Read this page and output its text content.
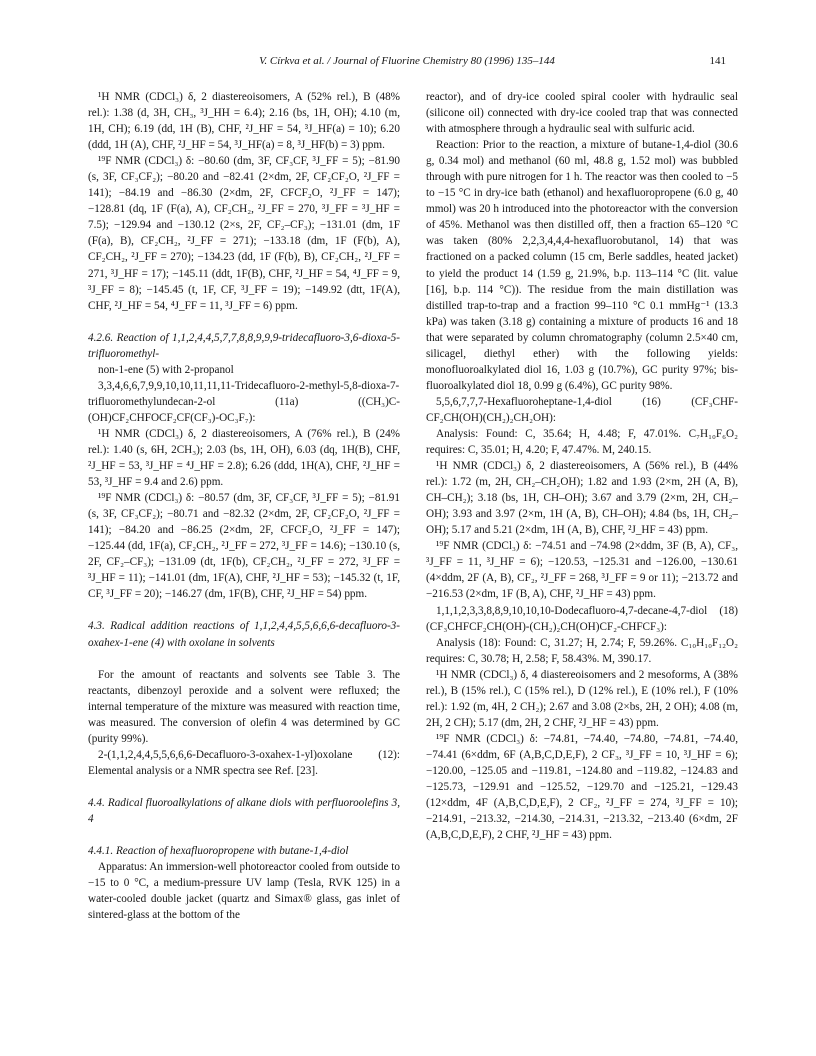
V. Církva et al. / Journal of Fluorine Chemistry 80 (1996) 135–144	141

¹H NMR (CDCl₃) δ, 2 diastereoisomers, A (52% rel.), B (48% rel.): 1.38 (d, 3H, CH₃, ³J_HH = 6.4); 2.16 (bs, 1H, OH); 4.10 (m, 1H, CH); 6.19 (dd, 1H (B), CHF, ²J_HF = 54, ³J_HF(a) = 10); 6.20 (ddd, 1H (A), CHF, ²J_HF = 54, ³J_HF(a) = 8, ³J_HF(b) = 3) ppm.

¹⁹F NMR (CDCl₃) δ: −80.60 (dm, 3F, CF₃CF, ³J_FF = 5); −81.90 (s, 3F, CF₃CF₂); −80.20 and −82.41 (2×dm, 2F, CF₂CF₂O, ²J_FF = 141); −84.19 and −86.30 (2×dm, 2F, CFCF₂O, ²J_FF = 147); −128.81 (dq, 1F (F(a), A), CF₂CH₂, ²J_FF = 270, ³J_FF = ³J_HF = 7.5); −129.94 and −130.12 (2×s, 2F, CF₂–CF₃); −131.01 (dm, 1F (F(a), B), CF₂CH₂, ²J_FF = 271); −133.18 (dm, 1F (F(b), A), CF₂CH₂, ²J_FF = 270); −134.23 (dd, 1F (F(b), B), CF₂CH₂, ²J_FF = 271, ³J_HF = 17); −145.11 (ddt, 1F(B), CHF, ²J_HF = 54, ⁴J_FF = 9, ³J_FF = 8); −145.45 (t, 1F, CF, ³J_FF = 19); −149.92 (dtt, 1F(A), CHF, ²J_HF = 54, ⁴J_FF = 11, ³J_FF = 6) ppm.

4.2.6. Reaction of 1,1,2,4,4,5,7,7,8,8,9,9,9-tridecafluoro-3,6-dioxa-5-trifluoromethyl-

non-1-ene (5) with 2-propanol

3,3,4,6,6,7,9,9,10,10,11,11,11-Tridecafluoro-2-methyl-5,8-dioxa-7-trifluoromethylundecan-2-ol (11a) ((CH₃)C-(OH)CF₂CHFOCF₂CF(CF₃)-OC₃F₇):

¹H NMR (CDCl₃) δ, 2 diastereoisomers, A (76% rel.), B (24% rel.): 1.40 (s, 6H, 2CH₃); 2.03 (bs, 1H, OH), 6.03 (dq, 1H(B), CHF, ²J_HF = 53, ³J_HF = ⁴J_HF = 2.8); 6.26 (ddd, 1H(A), CHF, ²J_HF = 53, ³J_HF = 9.4 and 2.6) ppm.

¹⁹F NMR (CDCl₃) δ: −80.57 (dm, 3F, CF₃CF, ³J_FF = 5); −81.91 (s, 3F, CF₃CF₂); −80.71 and −82.32 (2×dm, 2F, CF₂CF₂O, ²J_FF = 141); −84.20 and −86.25 (2×dm, 2F, CFCF₂O, ²J_FF = 147); −125.44 (dd, 1F(a), CF₂CH₂, ²J_FF = 272, ³J_FF = 14.6); −130.10 (s, 2F, CF₂–CF₃); −131.09 (dt, 1F(b), CF₂CH₂, ²J_FF = 272, ³J_FF = ³J_HF = 11); −141.01 (dm, 1F(A), CHF, ²J_HF = 53); −145.32 (t, 1F, CF, ³J_FF = 20); −146.27 (dm, 1F(B), CHF, ²J_HF = 54) ppm.

4.3. Radical addition reactions of 1,1,2,4,4,5,5,6,6,6-decafluoro-3-oxahex-1-ene (4) with oxolane in solvents

For the amount of reactants and solvents see Table 3. The reactants, dibenzoyl peroxide and a solvent were refluxed; the internal temperature of the mixture was measured with reaction time, was measured. The conversion of olefin 4 was determined by GC (purity 99%).

2-(1,1,2,4,4,5,5,6,6,6-Decafluoro-3-oxahex-1-yl)oxolane (12): Elemental analysis or a NMR spectra see Ref. [23].

4.4. Radical fluoroalkylations of alkane diols with perfluoroolefins 3, 4

4.4.1. Reaction of hexafluoropropene with butane-1,4-diol

Apparatus: An immersion-well photoreactor cooled from outside to −15 to 0 °C, a medium-pressure UV lamp (Tesla, RVK 125) in a water-cooled double jacket (quartz and Simax® glass, gas inlet of sintered-glass at the bottom of the

reactor), and of dry-ice cooled spiral cooler with hydraulic seal (silicone oil) connected with dry-ice cooled trap that was connected with atmosphere through a hydraulic seal with sulfuric acid.

Reaction: Prior to the reaction, a mixture of butane-1,4-diol (30.6 g, 0.34 mol) and methanol (60 ml, 48.8 g, 1.52 mol) was bubbled through with pure nitrogen for 1 h. The reactor was then cooled to −5 to −15 °C in dry-ice bath (ethanol) and hexafluoropropene (6.0 g, 40 mmol) was 20 h introduced into the photoreactor with the conversion of 45%. Methanol was then distilled off, then a fraction 65–120 °C was taken (80% 2,2,3,4,4,4-hexafluorobutanol, 14) that was fractioned on a packed column (15 cm, Berle saddles, heated jacket) to yield the product 14 (1.59 g, 21.9%, b.p. 113–114 °C (lit. value [16], b.p. 114 °C)). The residue from the main distillation was distilled trap-to-trap and a fraction 99–110 °C 0.1 mmHg⁻¹ (13.3 kPa) was taken (3.18 g) containing a mixture of products 16 and 18 that were separated by column chromatography (column 2.5×40 cm, silicagel, diethyl ether) with the following yields: monofluoroalkylated diol 16, 1.03 g (10.7%), GC purity 97%; bis-fluoroalkylated diol 18, 0.99 g (6.4%), GC purity 98%.

5,5,6,7,7,7-Hexafluoroheptane-1,4-diol (16) (CF₃CHF-CF₂CH(OH)(CH₂)₂CH₂OH):

Analysis: Found: C, 35.64; H, 4.48; F, 47.01%. C₇H₁₀F₆O₂ requires: C, 35.01; H, 4.20; F, 47.47%. M, 240.15.

¹H NMR (CDCl₃) δ, 2 diastereoisomers, A (56% rel.), B (44% rel.): 1.72 (m, 2H, CH₂–CH₂OH); 1.82 and 1.93 (2×m, 2H (A, B), CH–CH₂); 3.18 (bs, 1H, CH–OH); 3.67 and 3.79 (2×m, 2H, CH₂–OH); 3.93 and 3.97 (2×m, 1H (A, B), CH–OH); 4.84 (bs, 1H, CH₂–OH); 5.17 and 5.21 (2×dm, 1H (A, B), CHF, ²J_HF = 43) ppm.

¹⁹F NMR (CDCl₃) δ: −74.51 and −74.98 (2×ddm, 3F (B, A), CF₃, ³J_FF = 11, ³J_HF = 6); −120.53, −125.31 and −126.00, −130.61 (4×ddm, 2F (A, B), CF₂, ²J_FF = 268, ³J_FF = 9 or 11); −213.72 and −216.53 (2×dm, 1F (B, A), CHF, ²J_HF = 43) ppm.

1,1,1,2,3,3,8,8,9,10,10,10-Dodecafluoro-4,7-decane-4,7-diol (18) (CF₃CHFCF₂CH(OH)-(CH₂)₂CH(OH)CF₂-CHFCF₃):

Analysis (18): Found: C, 31.27; H, 2.74; F, 59.26%. C₁₀H₁₀F₁₂O₂ requires: C, 30.78; H, 2.58; F, 58.43%. M, 390.17.

¹H NMR (CDCl₃) δ, 4 diastereoisomers and 2 mesoforms, A (38% rel.), B (15% rel.), C (15% rel.), D (12% rel.), E (10% rel.), F (10% rel.): 1.92 (m, 4H, 2 CH₂); 2.67 and 3.08 (2×bs, 2H, 2 OH); 4.08 (m, 2H, 2 CH); 5.17 (dm, 2H, 2 CHF, ²J_HF = 43) ppm.

¹⁹F NMR (CDCl₃) δ: −74.81, −74.40, −74.80, −74.81, −74.40, −74.41 (6×ddm, 6F (A,B,C,D,E,F), 2 CF₃, ³J_FF = 10, ³J_HF = 6); −120.00, −125.05 and −119.81, −124.80 and −119.82, −124.83 and −125.73, −129.91 and −125.52, −129.70 and −125.21, −129.43 (12×ddm, 4F (A,B,C,D,E,F), 2 CF₂, ²J_FF = 274, ³J_FF = 10); −214.91, −213.32, −214.30, −214.31, −213.32, −213.40 (6×dm, 2F (A,B,C,D,E,F), 2 CHF, ²J_HF = 43) ppm.
